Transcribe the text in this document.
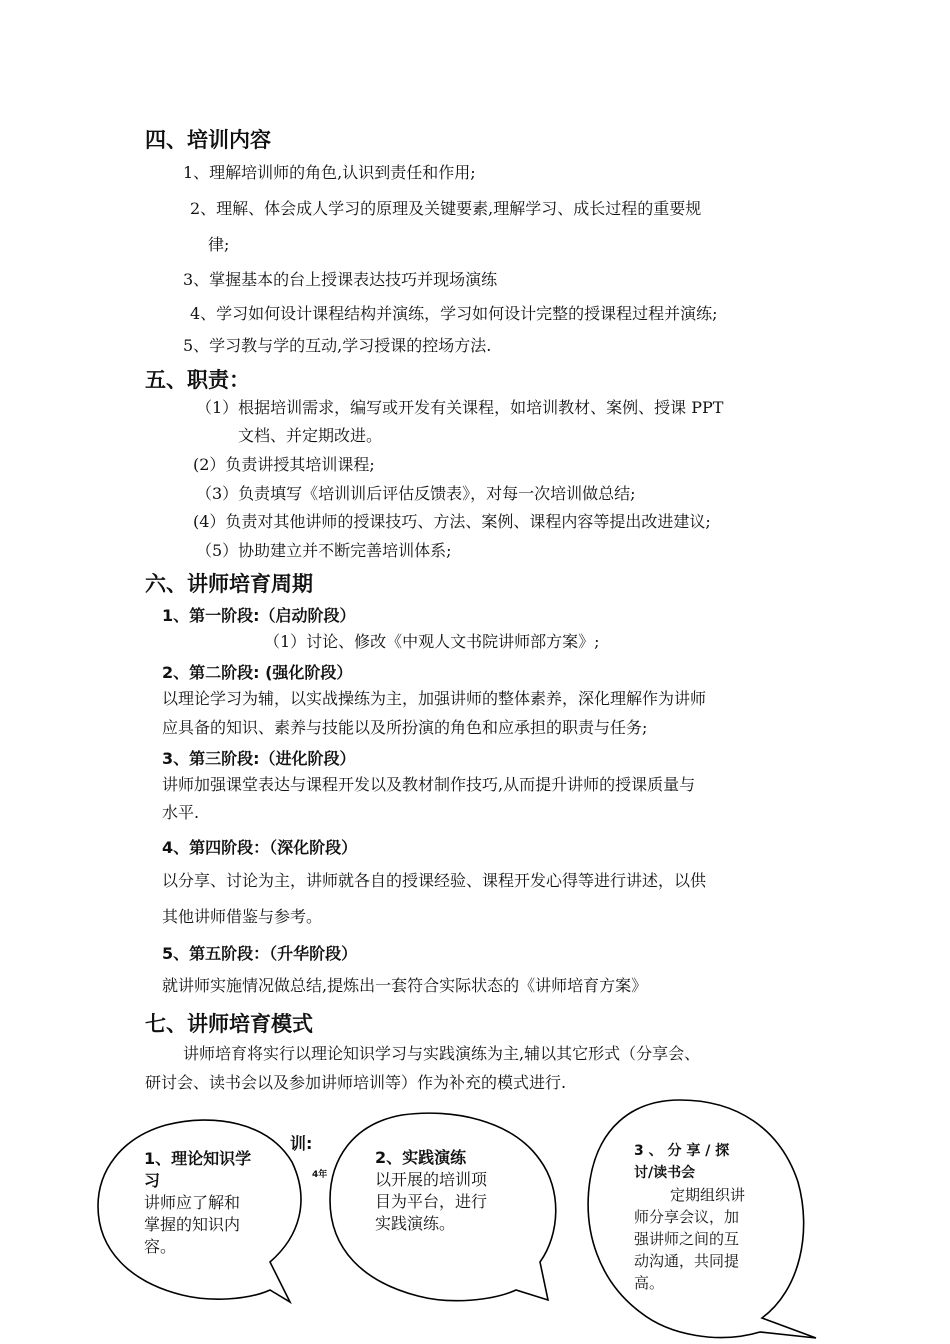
四、培训内容
1、理解培训师的角色,认识到责任和作用;
2、理解、体会成人学习的原理及关键要素,理解学习、成长过程的重要规
律;
3、掌握基本的台上授课表达技巧并现场演练
4、学习如何设计课程结构并演练，学习如何设计完整的授课程过程并演练;
5、学习教与学的互动,学习授课的控场方法.
五、职责：
（1）根据培训需求，编写或开发有关课程，如培训教材、案例、授课 PPT
文档、并定期改进。
(2）负责讲授其培训课程;
（3）负责填写《培训训后评估反馈表》，对每一次培训做总结;
(4）负责对其他讲师的授课技巧、方法、案例、课程内容等提出改进建议;
（5）协助建立并不断完善培训体系;
六、讲师培育周期
1、第一阶段:（启动阶段）
（1）讨论、修改《中观人文书院讲师部方案》;
2、第二阶段: (强化阶段）
以理论学习为辅，以实战操练为主，加强讲师的整体素养，深化理解作为讲师
应具备的知识、素养与技能以及所扮演的角色和应承担的职责与任务;
3、第三阶段:（进化阶段）
讲师加强课堂表达与课程开发以及教材制作技巧,从而提升讲师的授课质量与
水平.
4、第四阶段：（深化阶段）
以分享、讨论为主，讲师就各自的授课经验、课程开发心得等进行讲述，以供
其他讲师借鉴与参考。
5、第五阶段：（升华阶段）
就讲师实施情况做总结,提炼出一套符合实际状态的《讲师培育方案》
七、讲师培育模式
讲师培育将实行以理论知识学习与实践演练为主,辅以其它形式（分享会、
研讨会、读书会以及参加讲师培训等）作为补充的模式进行.
训:
4年
1、理论知识学
习
讲师应了解和
掌握的知识内
容。
2、实践演练
以开展的培训项
目为平台，进行
实践演练。
3 、 分 享 / 探
讨/读书会
定期组织讲
师分享会议，加
强讲师之间的互
动沟通，共同提
高。
